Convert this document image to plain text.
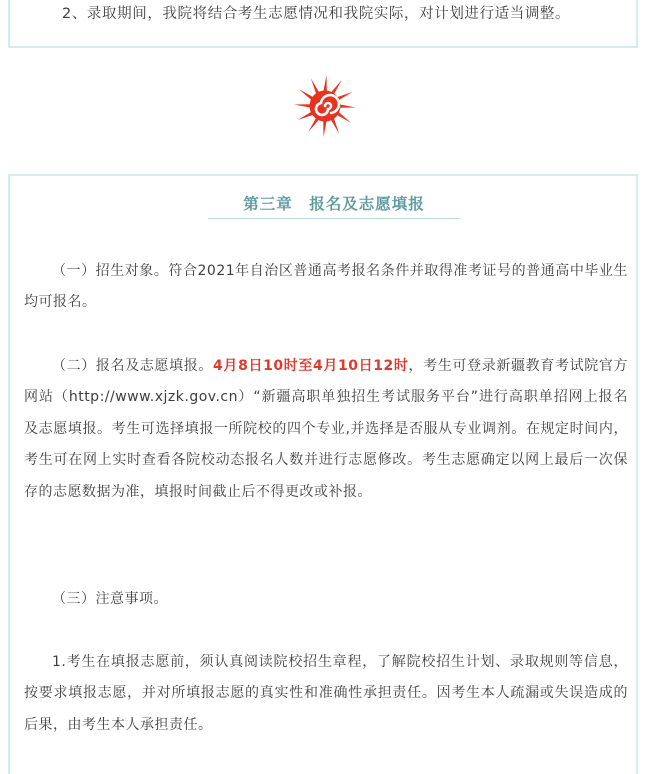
2、录取期间，我院将结合考生志愿情况和我院实际，对计划进行适当调整。

第三章　报名及志愿填报

（一）招生对象。符合2021年自治区普通高考报名条件并取得准考证号的普通高中毕业生均可报名。

（二）报名及志愿填报。4月8日10时至4月10日12时，考生可登录新疆教育考试院官方网站（http://www.xjzk.gov.cn）“新疆高职单独招生考试服务平台”进行高职单招网上报名及志愿填报。考生可选择填报一所院校的四个专业,并选择是否服从专业调剂。在规定时间内，考生可在网上实时查看各院校动态报名人数并进行志愿修改。考生志愿确定以网上最后一次保存的志愿数据为准，填报时间截止后不得更改或补报。

（三）注意事项。

1.考生在填报志愿前，须认真阅读院校招生章程，了解院校招生计划、录取规则等信息，按要求填报志愿，并对所填报志愿的真实性和准确性承担责任。因考生本人疏漏或失误造成的后果，由考生本人承担责任。
